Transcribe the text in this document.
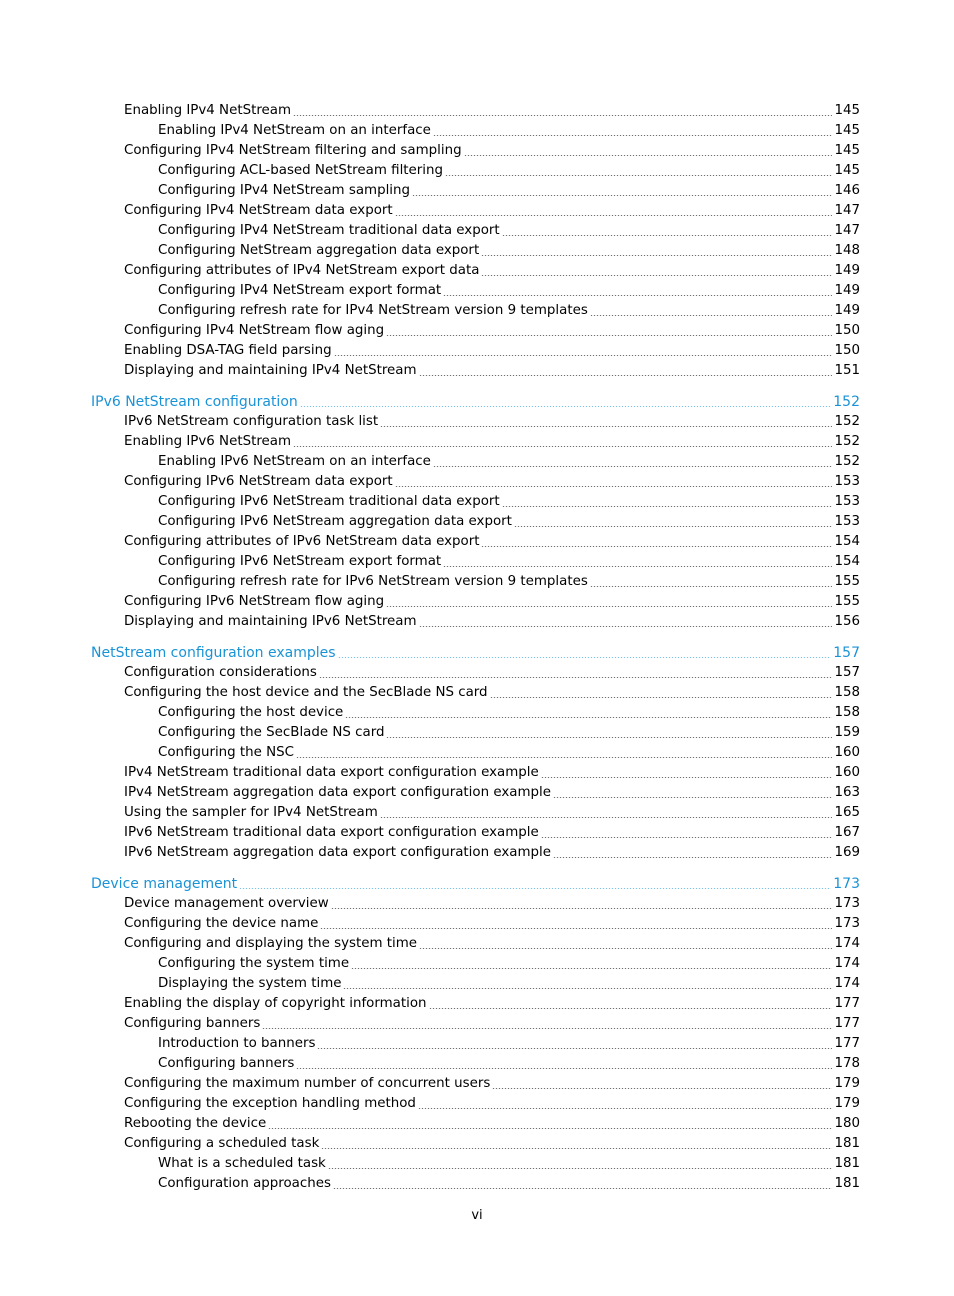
Enabling IPv4 NetStream	145
Enabling IPv4 NetStream on an interface	145
Configuring IPv4 NetStream filtering and sampling	145
Configuring ACL-based NetStream filtering	145
Configuring IPv4 NetStream sampling	146
Configuring IPv4 NetStream data export	147
Configuring IPv4 NetStream traditional data export	147
Configuring NetStream aggregation data export	148
Configuring attributes of IPv4 NetStream export data	149
Configuring IPv4 NetStream export format	149
Configuring refresh rate for IPv4 NetStream version 9 templates	149
Configuring IPv4 NetStream flow aging	150
Enabling DSA-TAG field parsing	150
Displaying and maintaining IPv4 NetStream	151
IPv6 NetStream configuration	152
IPv6 NetStream configuration task list	152
Enabling IPv6 NetStream	152
Enabling IPv6 NetStream on an interface	152
Configuring IPv6 NetStream data export	153
Configuring IPv6 NetStream traditional data export	153
Configuring IPv6 NetStream aggregation data export	153
Configuring attributes of IPv6 NetStream data export	154
Configuring IPv6 NetStream export format	154
Configuring refresh rate for IPv6 NetStream version 9 templates	155
Configuring IPv6 NetStream flow aging	155
Displaying and maintaining IPv6 NetStream	156
NetStream configuration examples	157
Configuration considerations	157
Configuring the host device and the SecBlade NS card	158
Configuring the host device	158
Configuring the SecBlade NS card	159
Configuring the NSC	160
IPv4 NetStream traditional data export configuration example	160
IPv4 NetStream aggregation data export configuration example	163
Using the sampler for IPv4 NetStream	165
IPv6 NetStream traditional data export configuration example	167
IPv6 NetStream aggregation data export configuration example	169
Device management	173
Device management overview	173
Configuring the device name	173
Configuring and displaying the system time	174
Configuring the system time	174
Displaying the system time	174
Enabling the display of copyright information	177
Configuring banners	177
Introduction to banners	177
Configuring banners	178
Configuring the maximum number of concurrent users	179
Configuring the exception handling method	179
Rebooting the device	180
Configuring a scheduled task	181
What is a scheduled task	181
Configuration approaches	181
vi
